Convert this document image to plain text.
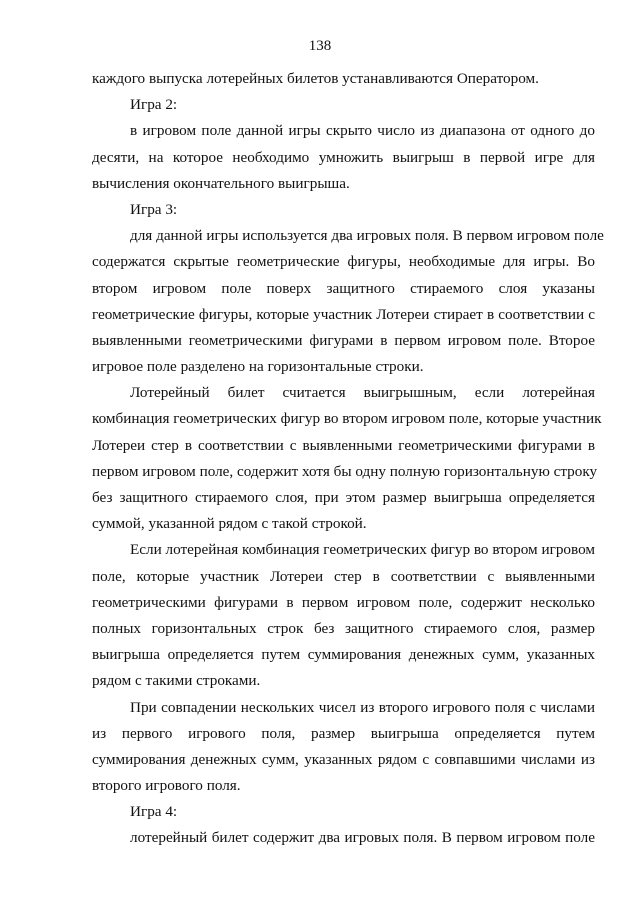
138
каждого выпуска лотерейных билетов устанавливаются Оператором.
Игра 2:
в игровом поле данной игры скрыто число из диапазона от одного до
десяти, на которое необходимо умножить выигрыш в первой игре для
вычисления окончательного выигрыша.
Игра 3:
для данной игры используется два игровых поля. В первом игровом поле
содержатся скрытые геометрические фигуры, необходимые для игры. Во
втором игровом поле поверх защитного стираемого слоя указаны
геометрические фигуры, которые участник Лотереи стирает в соответствии с
выявленными геометрическими фигурами в первом игровом поле. Второе
игровое поле разделено на горизонтальные строки.
Лотерейный билет считается выигрышным, если лотерейная
комбинация геометрических фигур во втором игровом поле, которые участник
Лотереи стер в соответствии с выявленными геометрическими фигурами в
первом игровом поле, содержит хотя бы одну полную горизонтальную строку
без защитного стираемого слоя, при этом размер выигрыша определяется
суммой, указанной рядом с такой строкой.
Если лотерейная комбинация геометрических фигур во втором игровом
поле, которые участник Лотереи стер в соответствии с выявленными
геометрическими фигурами в первом игровом поле, содержит несколько
полных горизонтальных строк без защитного стираемого слоя, размер
выигрыша определяется путем суммирования денежных сумм, указанных
рядом с такими строками.
При совпадении нескольких чисел из второго игрового поля с числами
из первого игрового поля, размер выигрыша определяется путем
суммирования денежных сумм, указанных рядом с совпавшими числами из
второго игрового поля.
Игра 4:
лотерейный билет содержит два игровых поля. В первом игровом поле
